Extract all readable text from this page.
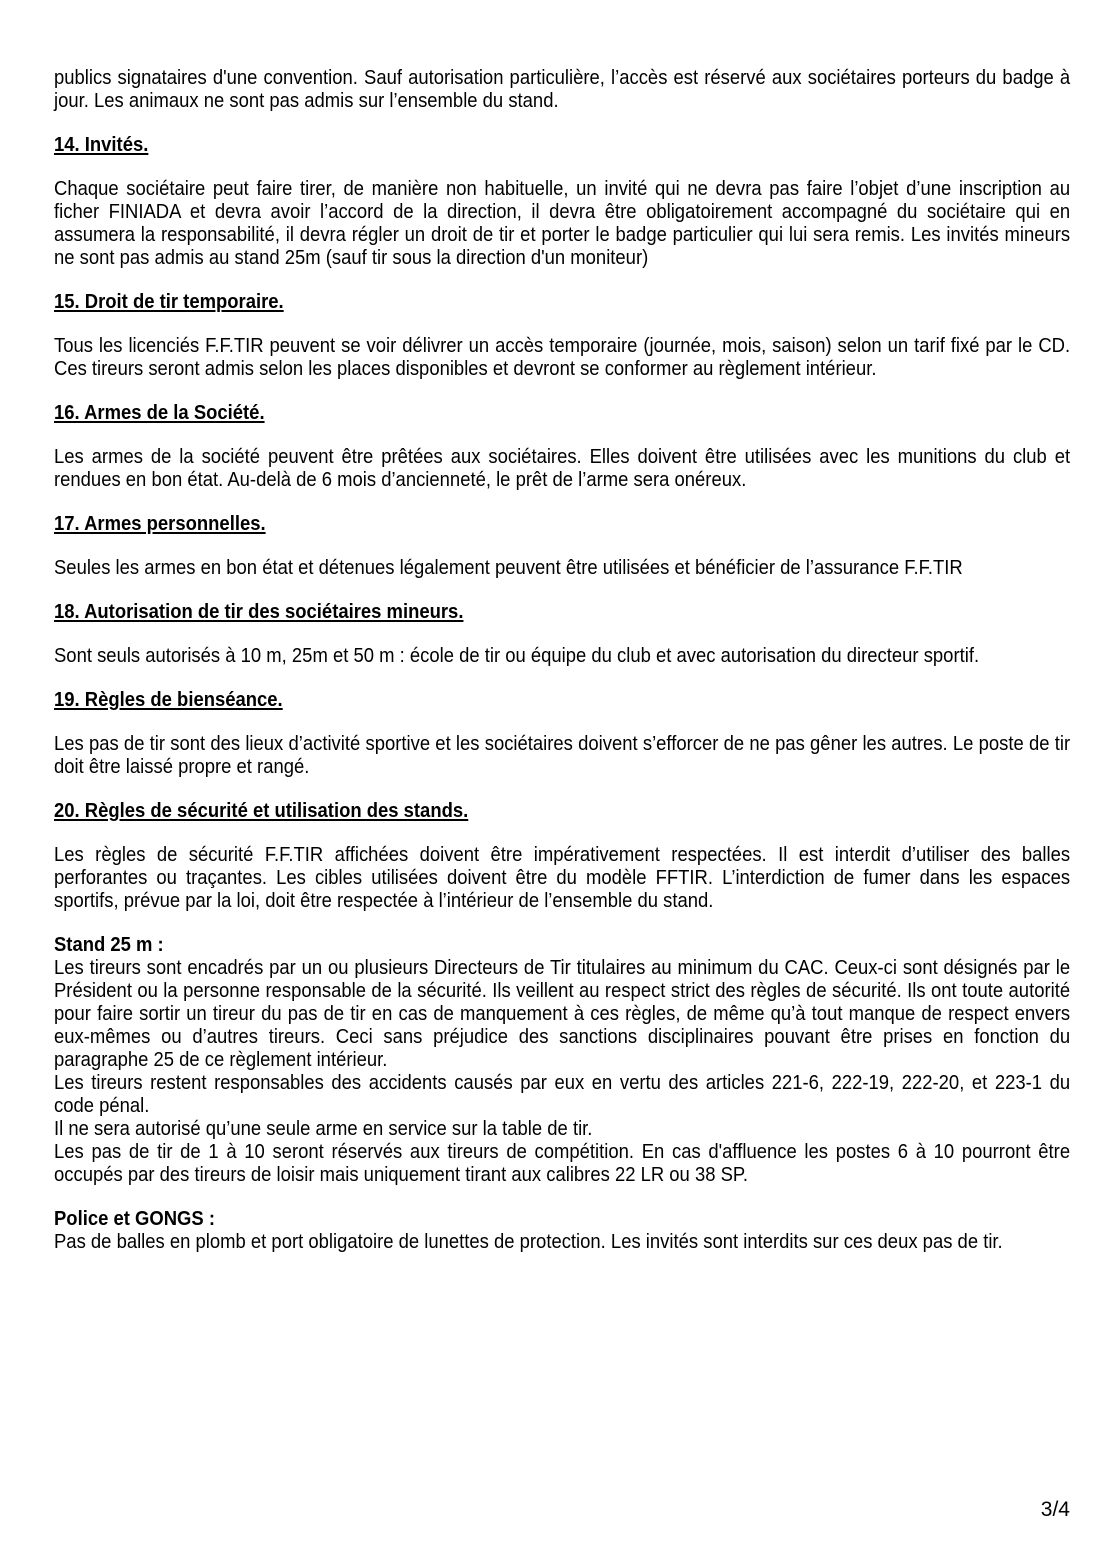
publics signataires d'une convention. Sauf autorisation particulière, l’accès est réservé aux sociétaires porteurs du badge à jour. Les animaux ne sont pas admis sur l’ensemble du stand.

14. Invités.

Chaque sociétaire peut faire tirer, de manière non habituelle, un invité qui ne devra pas faire l’objet d’une inscription au ficher FINIADA et devra avoir l’accord de la direction, il devra être obligatoirement accompagné du sociétaire qui en assumera la responsabilité, il devra régler un droit de tir et porter le badge particulier qui lui sera remis. Les invités mineurs ne sont pas admis au stand 25m (sauf tir sous la direction d'un moniteur)

15. Droit de tir temporaire.

Tous les licenciés F.F.TIR peuvent se voir délivrer un accès temporaire (journée, mois, saison) selon un tarif fixé par le CD. Ces tireurs seront admis selon les places disponibles et devront se conformer au règlement intérieur.

16. Armes de la Société.

Les armes de la société peuvent être prêtées aux sociétaires. Elles doivent être utilisées avec les munitions du club et rendues en bon état. Au-delà de 6 mois d’ancienneté, le prêt de l’arme sera onéreux.

17. Armes personnelles.

Seules les armes en bon état et détenues légalement peuvent être utilisées et bénéficier de l’assurance F.F.TIR

18. Autorisation de tir des sociétaires mineurs.

Sont seuls autorisés à 10 m, 25m et 50 m : école de tir ou équipe du club et avec autorisation du directeur sportif.

19. Règles de bienséance.

Les pas de tir sont des lieux d’activité sportive et les sociétaires doivent s’efforcer de ne pas gêner les autres. Le poste de tir doit être laissé propre et rangé.

20. Règles de sécurité et utilisation des stands.

Les règles de sécurité F.F.TIR affichées doivent être impérativement respectées. Il est interdit d’utiliser des balles perforantes ou traçantes. Les cibles utilisées doivent être du modèle FFTIR. L’interdiction de fumer dans les espaces sportifs, prévue par la loi, doit être respectée à l’intérieur de l’ensemble du stand.

Stand 25 m :

Les tireurs sont encadrés par un ou plusieurs Directeurs de Tir titulaires au minimum du CAC. Ceux-ci sont désignés par le Président ou la personne responsable de la sécurité. Ils veillent au respect strict des règles de sécurité. Ils ont toute autorité pour faire sortir un tireur du pas de tir en cas de manquement à ces règles, de même qu’à tout manque de respect envers eux-mêmes ou d’autres tireurs. Ceci sans préjudice des sanctions disciplinaires pouvant être prises en fonction du paragraphe 25 de ce règlement intérieur.

Les tireurs restent responsables des accidents causés par eux en vertu des articles 221-6, 222-19, 222-20, et 223-1 du code pénal.

Il ne sera autorisé qu’une seule arme en service sur la table de tir.

Les pas de tir de 1 à 10 seront réservés aux tireurs de compétition. En cas d'affluence les postes 6 à 10 pourront être occupés par des tireurs de loisir mais uniquement tirant aux calibres 22 LR ou 38 SP.

Police et GONGS :

Pas de balles en plomb et port obligatoire de lunettes de protection. Les invités sont interdits sur ces deux pas de tir.

3/4
